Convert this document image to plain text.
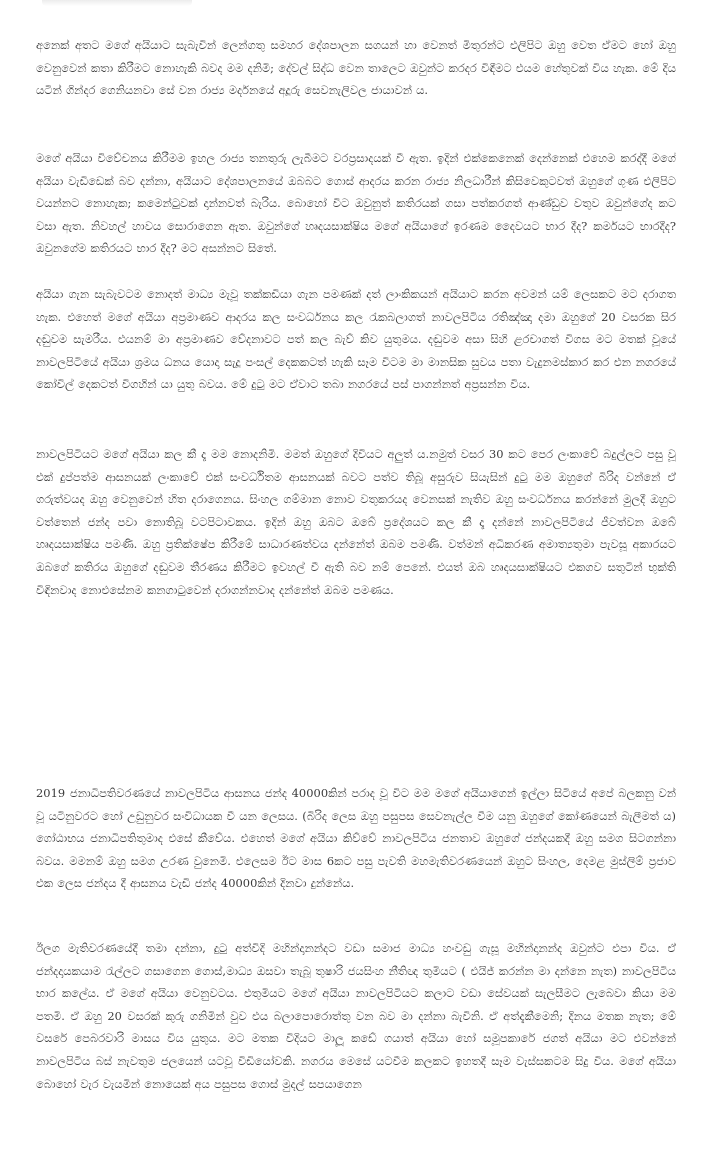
අනෙක් අතට මගේ අයියාට සැබැවින් ලෙන්ගතු සමහර දේශපාලන සගයන් හා වෙනත් මිතුරන්ට එලිපිට ඔහු වෙත ඒමට හෝ ඔහු වෙනුවෙන් කතා කිරීමට නොහැකි බවද මම දනිමි; දේවල් සිද්ධ වෙන තාලෙට ඔවුන්ට කරදර විඳීමට එයම හේතුවක් විය හැක. මේ දිය යටින් ගින්දර ගෙනියනවා සේ වන රාජ්‍ය මර්දනයේ අදූරු සෙවනැලිවල ජායාවන් ය.

මගේ අයියා විවේචනය කිරීමම ඉහල රාජ්‍ය තනතුරු ලැබීමට වරප්‍රසාදයක් වී ඇත. ඉදින් එක්කෙනෙක් දෙන්නෙක් එහෙම කරද්දී මගේ අයියා වැඩිඩෙක් බව දන්නා, අයියාට දේශපාලනයේ ඔබබට ගොස් ආදරය කරන රාජ්‍ය නිලධාරීන් කිසිවෙකුටවත් ඔහුගේ ගුණ එලිපිට වයන්නට නොහැක; කමෙන්ටුවක් දාන්නවත් බැරිය. බොහෝ විට ඔවුනුත් කතිරයක් ගසා පත්කරගත් ආණ්ඩුව වතුව ඔවුන්ගේද කට වසා ඇත. නිවහල් හාවය සොරාගෙන ඇත. ඔවුන්ගේ හෘදයසාක්ෂිය මගේ අයියාගේ ඉරණම දෛවයට භාර දීද? කර්මයට භාරදීද? ඔවුනගේම කතිරයට භාර දීද? මට අසන්නට සිතේ.

අයියා ගැන සැබැවටම නොදත් මාධ්‍ය මැවූ තක්කඩියා ගැන පමණක් දත් ලාංකිකයන් අයියාට කරන අවමන් යම් ලෙසකට මට දරාගත හැක. එහෙත් මගේ අයියා අප්‍රමාණව ආදරය කල සංවර්ධනය කල රැකබලාගත් නාවලපිටිය රතිඤ්ඤා දමා ඔහුගේ 20 වසරක සිර දඬුවම සැමරීය. එයනම් මා අප්‍රමාණව වේදනාවට පත් කල බැව් කිව යුතුමය. දඬුවම අසා සිහි ළරචාගත් විගස මට මතක් වූයේ නාවලපිටියේ අයියා ශ්‍රමය ධනය යොදා සැදූ පංසල් දෙකකටත් හැකි සෑම විටම මා මානසික සුවය පතා වැදුනමස්කාර කර එන නගරයේ කෝවිල් දෙකටත් විගහින් යා යුතු බවය. මේ දුටු මට ඒවාට තබා නගරයේ පස් පාගන්නත් අප්‍රසන්න විය.

නාවලපිටියට මගේ අයියා කල කී දෑ මම නොදනිමි. මමත් ඔහුගේ දිවියට අලුත් ය.නමුත් වසර 30 කට පෙර ලංකාවේ බදුල්ලට පසු වූ එක් දුප්පත්ම ආසනයක් ලංකාවේ එක් සංවර්ධිතම ආසනයක් බවට පත්ව තිබූ අසුරුව සියැසින් දුටු මම ඔහුගේ බිරිද වන්නේ ඒ ගරුත්වයද ඔහු වෙනුවෙන් හිත දරාගෙනය. සිංහල ගම්මාන නොව වතුකරයද වෙනසක් නැතිව ඔහු සංවර්ධනය කරන්නේ මුලදී ඔහුට වත්තෙන් ජන්ද පවා නොතිබූ වටපිටාවකය. ඉදින් ඔහු ඔබට ඔබේ ප්‍රදේශයට කල කී දෑ දන්නේ නාවලපිටියේ ජීවත්වන ඔබේ හෘදයසාක්ෂිය පමණි. ඔහු ප්‍රතික්ෂේප කිරීමේ සාධාරණත්වය දන්නේත් ඔබම පමණි. වත්මන් අධිකරණ අමාත්‍යතුමා පැවසූ අකාරයට ඔබගේ කතිරය ඔහුගේ දඬුවම තීරණය කිරීමට ඉවහල් වී ඇති බව නම් පෙනේ. එයත් ඔබ හෘදයසාක්ෂියට එකගව සතුටින් භුක්ති විඳිනවාද නොඑසේනම කනගාටුවෙන් දරාගන්නවාද දන්නේත් ඔබම පමණය.

2019 ජනාධිපතිවරණයේ නාවලපිටිය ආසනය ජන්ද 40000කින් පරාද වූ විට මම මගේ අයියාගෙන් ඉල්ලා සිටියේ අපේ බලකනු වන් වූ යටිනුවරට හෝ උඩුනුවර සංවිධායක වී යන ලෙසය. (බිරිද ලෙස ඔහු පසුපස සෙවනැල්ල වීම යනු ඔහුගේ කෝණයෙන් බැලීමත් ය) ගෝඨාභය ජනාධිපතිතුමාද එසේ කීවේය. එහෙත් මගේ අයියා කිව්වේ නාවලපිටිය ජනතාව ඔහුගේ ජන්දයකදී ඔහු සමග සිටගන්නා බවය. මමනම් ඔහු සමග උරණ වුනෙමි. එලෙසම ඊට මාස 6කට පසු පැවති මහමැතිවරණයෙන් ඔහුට සිංහල, දෙමළ මුස්ලිම් ප්‍රජාව එක ලෙස ජන්දය දී ආසනය වැඩි ජන්ද 40000කින් දිනවා දුන්නේය.

ඊලග මැතිවරණයේදී තමා දන්නා, දුටු අත්විදි මහින්දානන්දට වඩා සමාජ මාධ්‍ය හංවඩු ගැසූ මහින්දානන්ද ඔවුන්ට එපා විය. ඒ ජන්දදායකයාම රැල්ලට ගසාගෙන ගොස්,මාධ්‍ය ඔසවා තැබූ තුෂාරි ජයසිංහ නීතිඥ තුමියට ( එයිජ් කරන්න මා දන්නෙ නැත) නාවලපිටිය භාර කලේය. ඒ මගේ අයියා වෙනුවටය. එතුමියට මගේ අයියා නාවලපිටියට කලාට වඩා සේවයක් සැලසීමට ලැබෙවා කියා මම පතමි. ඒ ඔහු 20 වසරක් කුරු ගනිමින් වුව එය බලාපොරොත්තු වන බව මා දන්නා බැවිනි. ඒ අත්දැකීමෙනි; දිනය මතක නැත; මේ වසරේ පෙබරවාරි මාසය විය යුතුය. මට මතක විදියට මාලූ කඩේ ගයාත් අයියා හෝ සමූපකාරේ ජගත් අයියා මට එවන්නේ නාවලපිටිය බස් නැවතුම ජලයෙන් යටවූ විඩියෝවකි. නගරය මෙසේ යටවීම කලකට ඉහතදී සෑම වැස්සකටම සිදු විය. මගේ අයියා බොහෝ වැර වැයමින් නොයෙක් අය පසුපස ගොස් මුදල් සපයාගෙන
